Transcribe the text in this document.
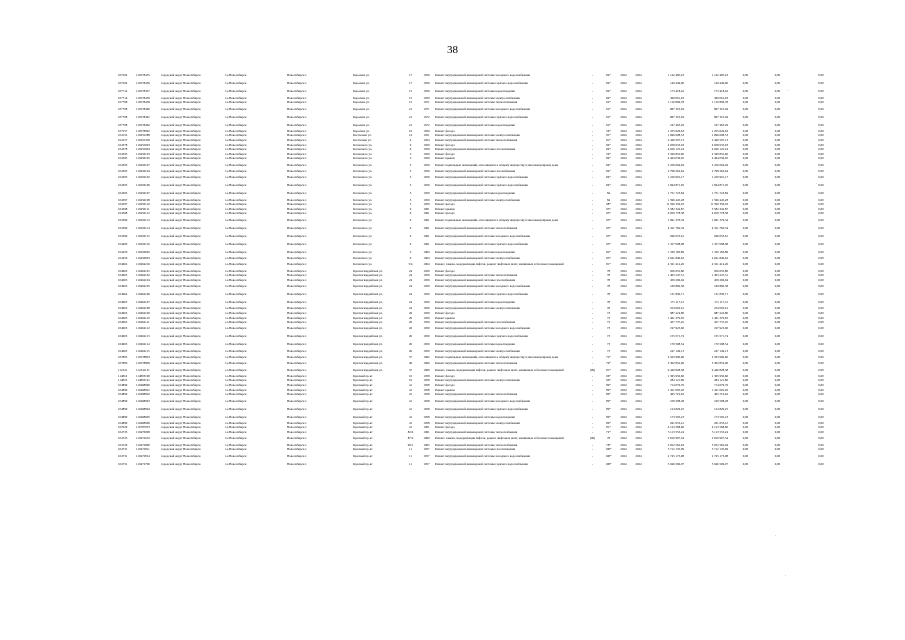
38
107504	110578455	городской округ Новосибирск	г.о.Новосибирск	Новосибирск г.	Королева ул.	17	1956	Ремонт внутридомовой инженерной системы холодного водоснабжения	-	84*	2024	2024	1 142 485,43	1 142 485,43	0,00	0,00	0,00
107504	110578456	городской округ Новосибирск	г.о.Новосибирск	Новосибирск г.	Королева ул.	17	1959	Ремонт внутридомовой инженерной системы горячего водоснабжения	-	84*	2024	2024	149 449,00	149 449,00	0,00	0,00	0,00
107714	110578457	городской округ Новосибирск	г.о.Новосибирск	Новосибирск г.	Королева ул.	15	1959	Ремонт внутридомовой инженерной системы водоотведения	-	84*	2024	2024	173 418,42	173 418,42	0,00	0,00	0,00
107714	110578459	городской округ Новосибирск	г.о.Новосибирск	Новосибирск г.	Королева ул.	15	1959	Ремонт внутридомовой инженерной системы электроснабжения	-	84*	2024	2024	369 061,93	369 061,93	0,00	0,00	0,00
107708	110578458	городской округ Новосибирск	г.о.Новосибирск	Новосибирск г.	Королева ул.	21	1971	Ремонт внутридомовой инженерной системы теплоснабжения	-	62*	2024	2024	1 110 896,78	1 110 896,78	0,00	0,00	0,00
107708	110578460	городской округ Новосибирск	г.о.Новосибирск	Новосибирск г.	Королева ул.	21	1971	Ремонт внутридомовой инженерной системы холодного водоснабжения	-	62*	2024	2024	867 310,04	867 310,04	0,00	0,00	0,00
107708	110578461	городской округ Новосибирск	г.о.Новосибирск	Новосибирск г.	Королева ул.	21	1972	Ремонт внутридомовой инженерной системы горячего водоснабжения	-	62*	2024	2024	867 310,04	867 310,04	0,00	0,00	0,00
107708	110578462	городской округ Новосибирск	г.о.Новосибирск	Новосибирск г.	Королева ул.	21	1972	Ремонт внутридомовой инженерной системы водоотведения	-	62*	2024	2024	167 463,29	167 463,29	0,00	0,00	0,00
107557	110578902	городской округ Новосибирск	г.о.Новосибирск	Новосибирск г.	Королева ул.	16	1959	Ремонт фасада	-	56*	2024	2024	1 255 626,63	1 255 626,63	0,00	0,00	0,00
104152	110455288	городской округ Новосибирск	г.о.Новосибирск	Новосибирск г.	Костычева ул.	14	1951	Ремонт внутридомовой инженерной системы электроснабжения	-	81*	2024	2024	1 696 608,53	1 696 608,53	0,00	0,00	0,00
104157	110455328	городской округ Новосибирск	г.о.Новосибирск	Новосибирск г.	Костычева ул.	4	1954	Ремонт внутридомовой инженерной системы теплоснабжения	-	81*	2024	2024	2 449 597,13	2 449 597,13	0,00	0,00	0,00
104378	110455903	городской округ Новосибирск	г.о.Новосибирск	Новосибирск г.	Котовского ул.	9	1959	Ремонт фасада	-	84*	2024	2024	4 658 633,03	4 658 633,03	0,00	0,00	0,00
104378	110455904	городской округ Новосибирск	г.о.Новосибирск	Новосибирск г.	Котовского ул.	9	1959	Ремонт внутридомовой инженерной системы газоснабжения	-	84*	2024	2024	4 626 125,24	4 626 125,24	0,00	0,00	0,00
104393	110456103	городской округ Новосибирск	г.о.Новосибирск	Новосибирск г.	Котовского ул.	3	1959	Ремонт фасада	-	56*	2024	2024	2 569 852,60	2 569 852,60	0,00	0,00	0,00
104393	110456105	городской округ Новосибирск	г.о.Новосибирск	Новосибирск г.	Котовского ул.	3	1959	Ремонт крыши	-	84*	2024	2024	4 464 036,05	4 464 036,05	0,00	0,00	0,00
104393	110456107	городской округ Новосибирск	г.о.Новосибирск	Новосибирск г.	Котовского ул.	3	1959	Ремонт подвальных помещений, относящихся к общему имуществу в многоквартирном доме	-	84*	2024	2024	2 256 094,04	2 256 094,04	0,00	0,00	0,00
104393	110456104	городской округ Новосибирск	г.о.Новосибирск	Новосибирск г.	Котовского ул.	3	1959	Ремонт внутридомовой инженерной системы газоснабжения	-	84*	2024	2024	2 798 262,64	2 798 262,64	0,00	0,00	0,00
104393	110456102	городской округ Новосибирск	г.о.Новосибирск	Новосибирск г.	Котовского ул.	3	1959	Ремонт внутридомовой инженерной системы горячего водоснабжения	-	84*	2024	2024	1 220 991,17	1 220 991,17	0,00	0,00	0,00
104395	110456106	городской округ Новосибирск	г.о.Новосибирск	Новосибирск г.	Котовского ул.	3	1959	Ремонт внутридомовой инженерной системы горячего водоснабжения	-	84*	2024	2024	1 844 871,95	1 844 871,95	0,00	0,00	0,00
104395	110456107	городской округ Новосибирск	г.о.Новосибирск	Новосибирск г.	Котовского ул.	3	1959	Ремонт внутридомовой инженерной системы водоотведения	-	84	2024	2024	1 751 723,84	1 751 723,84	0,00	0,00	0,00
104397	110456108	городской округ Новосибирск	г.о.Новосибирск	Новосибирск г.	Котовского ул.	5	1959	Ремонт внутридомовой инженерной системы электроснабжения	-	84	2024	2024	1 596 445,28	1 596 445,28	0,00	0,00	0,00
104397	110456110	городской округ Новосибирск	г.о.Новосибирск	Новосибирск г.	Котовского ул.	5	1959	Ремонт фасада	-	98*	2024	2024	11 590 356,03	11 590 356,03	0,00	0,00	0,00
104398	110456111	городской округ Новосибирск	г.о.Новосибирск	Новосибирск г.	Котовского ул.	9	1961	Ремонт крыши	-	93*	2024	2024	3 582 342,87	3 582 342,87	0,00	0,00	0,00
104398	110456112	городской округ Новосибирск	г.о.Новосибирск	Новосибирск г.	Котовского ул.	9	1961	Ремонт фасада	-	93*	2024	2024	4 659 778,38	4 659 778,38	0,00	0,00	0,00
104399	110456113	городской округ Новосибирск	г.о.Новосибирск	Новосибирск г.	Котовского ул.	9	1961	Ремонт подвальных помещений, относящихся к общему имуществу в многоквартирном доме	-	93*	2024	2024	1 691 376,34	1 691 376,34	0,00	0,00	0,00
104399	110456114	городской округ Новосибирск	г.о.Новосибирск	Новосибирск г.	Котовского ул.	9	1961	Ремонт внутридомовой инженерной системы теплоснабжения	-	93*	2024	2024	4 321 782,34	4 321 782,34	0,00	0,00	0,00
104399	110456115	городской округ Новосибирск	г.о.Новосибирск	Новосибирск г.	Котовского ул.	9	1961	Ремонт внутридомовой инженерной системы холодного водоснабжения	-	93*	2024	2024	946 053,61	946 053,61	0,00	0,00	0,00
104400	110456116	городской округ Новосибирск	г.о.Новосибирск	Новосибирск г.	Котовского ул.	9	1961	Ремонт внутридомовой инженерной системы горячего водоснабжения	-	93*	2024	2024	1 357 098,08	1 357 098,08	0,00	0,00	0,00
104450	110456602	городской округ Новосибирск	г.о.Новосибирск	Новосибирск г.	Котовского ул.	3	1964	Ремонт внутридомовой инженерной системы водоотведения	-	82*	2024	2024	1 330 183,89	1 330 183,89	0,00	0,00	0,00
104450	110456603	городской округ Новосибирск	г.о.Новосибирск	Новосибирск г.	Котовского ул.	9	1964	Ремонт внутридомовой инженерной системы электроснабжения	-	83*	2024	2024	2 641 840,62	2 641 840,62	0,00	0,00	0,00
104662	110464216	городской округ Новосибирск	г.о.Новосибирск	Новосибирск г.	Котовского ул.	5/4	1964	Ремонт, замена, модернизация лифтов, ремонт лифтовых шахт, машинных и блочных помещений	-	81*	2024	2024	4 321 414,26	4 321 414,26	0,00	0,00	0,00
104663	110464101	городской округ Новосибирск	г.о.Новосибирск	Новосибирск г.	Красногвардейская ул.	24	1959	Ремонт фасада	-	78	2024	2024	956 655,80	956 655,80	0,00	0,00	0,00
104663	110464102	городской округ Новосибирск	г.о.Новосибирск	Новосибирск г.	Красногвардейская ул.	24	1959	Ремонт внутридомовой инженерной системы теплоснабжения	-	78	2024	2024	1 403 247,51	1 403 247,51	0,00	0,00	0,00
104663	110464104	городской округ Новосибирск	г.о.Новосибирск	Новосибирск г.	Красногвардейская ул.	24	1959	Ремонт внутридомовой инженерной системы газоснабжения	-	78	2024	2024	459 296,04	459 296,04	0,00	0,00	0,00
104663	110464105	городской округ Новосибирск	г.о.Новосибирск	Новосибирск г.	Красногвардейская ул.	24	1959	Ремонт внутридомовой инженерной системы холодного водоснабжения	-	78	2024	2024	169 860,38	169 860,38	0,00	0,00	0,00
104664	110464106	городской округ Новосибирск	г.о.Новосибирск	Новосибирск г.	Красногвардейская ул.	24	1959	Ремонт внутридомовой инженерной системы горячего водоснабжения	-	78	2024	2024	131 830,71	131 830,71	0,00	0,00	0,00
104665	110464107	городской округ Новосибирск	г.о.Новосибирск	Новосибирск г.	Красногвардейская ул.	24	1959	Ремонт внутридомовой инженерной системы водоотведения	-	78	2024	2024	171 117,12	171 117,12	0,00	0,00	0,00
104665	110464108	городской округ Новосибирск	г.о.Новосибирск	Новосибирск г.	Красногвардейская ул.	24	1959	Ремонт внутридомовой инженерной системы электроснабжения	-	78	2024	2024	254 002,61	254 002,61	0,00	0,00	0,00
104665	110464109	городской округ Новосибирск	г.о.Новосибирск	Новосибирск г.	Красногвардейская ул.	26	1959	Ремонт фасада	-	73	2024	2024	987 224,80	987 224,80	0,00	0,00	0,00
104665	110464110	городской округ Новосибирск	г.о.Новосибирск	Новосибирск г.	Красногвардейская ул.	26	1959	Ремонт крыши	-	73	2024	2024	1 461 379,65	1 461 379,65	0,00	0,00	0,00
104665	110464111	городской округ Новосибирск	г.о.Новосибирск	Новосибирск г.	Красногвардейская ул.	26	1959	Ремонт внутридомовой инженерной системы газоснабжения	-	73	2024	2024	457 737,45	457 737,45	0,00	0,00	0,00
104665	110464112	городской округ Новосибирск	г.о.Новосибирск	Новосибирск г.	Красногвардейская ул.	26	1959	Ремонт внутридомовой инженерной системы холодного водоснабжения	-	73	2024	2024	197 923,60	197 923,60	0,00	0,00	0,00
104665	110464113	городской округ Новосибирск	г.о.Новосибирск	Новосибирск г.	Красногвардейская ул.	26	1959	Ремонт внутридомовой инженерной системы горячего водоснабжения	-	73	2024	2024	155 571,74	155 571,74	0,00	0,00	0,00
104665	110464114	городской округ Новосибирск	г.о.Новосибирск	Новосибирск г.	Красногвардейская ул.	26	1959	Ремонт внутридомовой инженерной системы водоотведения	-	73	2024	2024	170 598,54	170 598,54	0,00	0,00	0,00
104665	110464115	городской округ Новосибирск	г.о.Новосибирск	Новосибирск г.	Красногвардейская ул.	26	1959	Ремонт внутридомовой инженерной системы электроснабжения	-	73	2024	2024	247 149,13	247 149,13	0,00	0,00	0,00
107803	110578803	городской округ Новосибирск	г.о.Новосибирск	Новосибирск г.	Красногвардейская ул.	37	1962	Ремонт подвальных помещений, относящихся к общему имуществу в многоквартирном доме	-	72*	2024	2024	2 563 990,60	2 563 990,60	0,00	0,00	0,00
107809	110578809	городской округ Новосибирск	г.о.Новосибирск	Новосибирск г.	Красногвардейская ул.	49	1966	Ремонт внутридомовой инженерной системы теплоснабжения	-	79*	2024	2024	5 302 852,96	5 302 852,96	0,00	0,00	0,00
112341	112341131	городской округ Новосибирск	г.о.Новосибирск	Новосибирск г.	Красногвардейская ул.	37	1969	Ремонт, замена, модернизация лифтов, ремонт лифтовых шахт, машинных и блочных помещений	(99)	81*	2024	2024	9 440 828,58	9 440 828,58	0,00	0,00	0,00
114816	114803190	городской округ Новосибирск	г.о.Новосибирск	Новосибирск г.	Красный пр-кт	16	1958	Ремонт фасада	-	96*	2024	2024	1 365 950,60	1 365 950,60	0,00	0,00	0,00
114816	114803191	городской округ Новосибирск	г.о.Новосибирск	Новосибирск г.	Красный пр-кт	16	1958	Ремонт внутридомовой инженерной системы электроснабжения	-	96*	2024	2024	284 121,80	284 121,80	0,00	0,00	0,00
104899	110468900	городской округ Новосибирск	г.о.Новосибирск	Новосибирск г.	Красный пр-кт	41	1958	Ремонт фасада	-	89*	2024	2024	714 079,76	714 079,76	0,00	0,00	0,00
104899	110468901	городской округ Новосибирск	г.о.Новосибирск	Новосибирск г.	Красный пр-кт	41	1958	Ремонт крыши	-	89*	2024	2024	1 451 005,20	1 451 005,20	0,00	0,00	0,00
104899	110468902	городской округ Новосибирск	г.о.Новосибирск	Новосибирск г.	Красный пр-кт	41	1958	Ремонт внутридомовой инженерной системы теплоснабжения	-	89*	2024	2024	465 719,62	465 719,62	0,00	0,00	0,00
104899	110468903	городской округ Новосибирск	г.о.Новосибирск	Новосибирск г.	Красный пр-кт	41	1958	Ремонт внутридомовой инженерной системы холодного водоснабжения	-	89*	2024	2024	109 598,28	109 598,28	0,00	0,00	0,00
104899	110468904	городской округ Новосибирск	г.о.Новосибирск	Новосибирск г.	Красный пр-кт	41	1958	Ремонт внутридомовой инженерной системы горячего водоснабжения	-	89*	2024	2024	124 829,25	124 829,25	0,00	0,00	0,00
104899	110468905	городской округ Новосибирск	г.о.Новосибирск	Новосибирск г.	Красный пр-кт	41	1958	Ремонт внутридомовой инженерной системы водоотведения	-	89*	2024	2024	173 595,23	173 595,23	0,00	0,00	0,00
104899	110468906	городской округ Новосибирск	г.о.Новосибирск	Новосибирск г.	Красный пр-кт	41	1958	Ремонт внутридомовой инженерной системы электроснабжения	-	89*	2024	2024	261 653,41	261 653,41	0,00	0,00	0,00
107929	110787953	городской округ Новосибирск	г.о.Новосибирск	Новосибирск г.	Красный пр-кт	41	1961	Ремонт фасада	-	81*	2024	2024	4 123 568,60	4 123 568,60	0,00	0,00	0,00
104735	110476008	городской округ Новосибирск	г.о.Новосибирск	Новосибирск г.	Красный пр-кт	82/4	1961	Ремонт внутридомовой инженерной системы теплоснабжения	-	72*	2024	2024	5 113 553,24	5 113 553,24	0,00	0,00	0,00
104725	110472619	городской округ Новосибирск	г.о.Новосибирск	Новосибирск г.	Красный пр-кт	87/2	1960	Ремонт, замена, модернизация лифтов, ремонт лифтовых шахт, машинных и блочных помещений	(99)	78	2024	2024	2 810 907,34	2 810 907,34	0,00	0,00	0,00
104729	110472800	городской округ Новосибирск	г.о.Новосибирск	Новосибирск г.	Красный пр-кт	99/1	1965	Ремонт внутридомовой инженерной системы теплоснабжения	-	78*	2024	2024	3 052 562,94	3 052 562,94	0,00	0,00	0,00
104731	110472811	городской округ Новосибирск	г.о.Новосибирск	Новосибирск г.	Красный пр-кт	11	1957	Ремонт внутридомовой инженерной системы газоснабжения	-	100*	2024	2024	3 712 135,09	3 712 135,09	0,00	0,00	0,00
104731	110472814	городской округ Новосибирск	г.о.Новосибирск	Новосибирск г.	Красный пр-кт	11	1957	Ремонт внутридомовой инженерной системы холодного водоснабжения	-	100*	2024	2024	2 745 173,08	2 745 173,08	0,00	0,00	0,00
104731	110472706	городской округ Новосибирск	г.о.Новосибирск	Новосибирск г.	Красный пр-кт	11	1957	Ремонт внутридомовой инженерной системы горячего водоснабжения	-	100*	2024	2024	3 946 596,07	3 946 596,07	0,00	0,00	0,00
.
.
.
.
.
